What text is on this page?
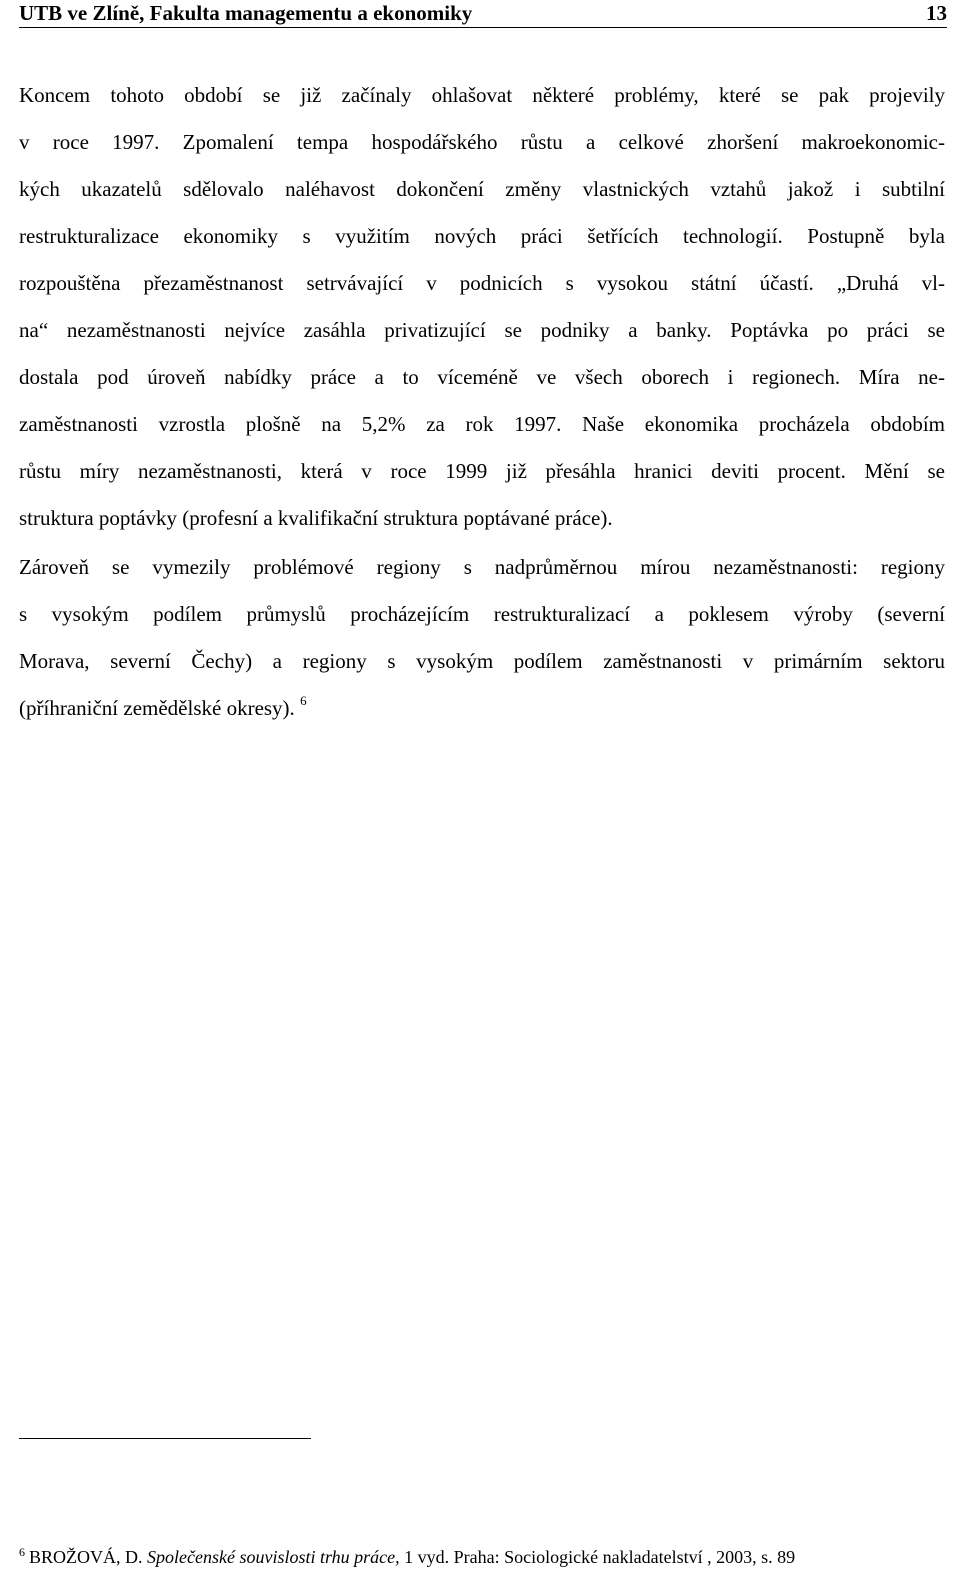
UTB ve Zlíně, Fakulta managementu a ekonomiky	13
Koncem tohoto období se již začínaly ohlašovat některé problémy, které se pak projevily
v roce 1997. Zpomalení tempa hospodářského růstu a celkové zhoršení makroekonomic-
kých ukazatelů sdělovalo naléhavost dokončení změny vlastnických vztahů jakož i subtilní
restrukturalizace ekonomiky s využitím nových práci šetřících technologií. Postupně byla
rozpouštěna přezaměstnanost setrvávající v podnicích s vysokou státní účastí. „Druhá vl-
na“ nezaměstnanosti nejvíce zasáhla privatizující se podniky a banky. Poptávka po práci se
dostala pod úroveň nabídky práce a to víceméně ve všech oborech i regionech. Míra ne-
zaměstnanosti vzrostla plošně na 5,2% za rok 1997. Naše ekonomika procházela obdobím
růstu míry nezaměstnanosti, která v roce 1999 již přesáhla hranici deviti procent. Mění se
struktura poptávky (profesní a kvalifikační struktura poptávané práce).
Zároveň se vymezily problémové regiony s nadprůměrnou mírou nezaměstnanosti: regiony
s vysokým podílem průmyslů procházejícím restrukturalizací a poklesem výroby (severní
Morava, severní Čechy) a regiony s vysokým podílem zaměstnanosti v primárním sektoru
(příhraniční zemědělské okresy). $^6$
$^6$ BROŽOVÁ, D. Společenské souvislosti trhu práce, 1 vyd. Praha: Sociologické nakladatelství , 2003, s. 89
